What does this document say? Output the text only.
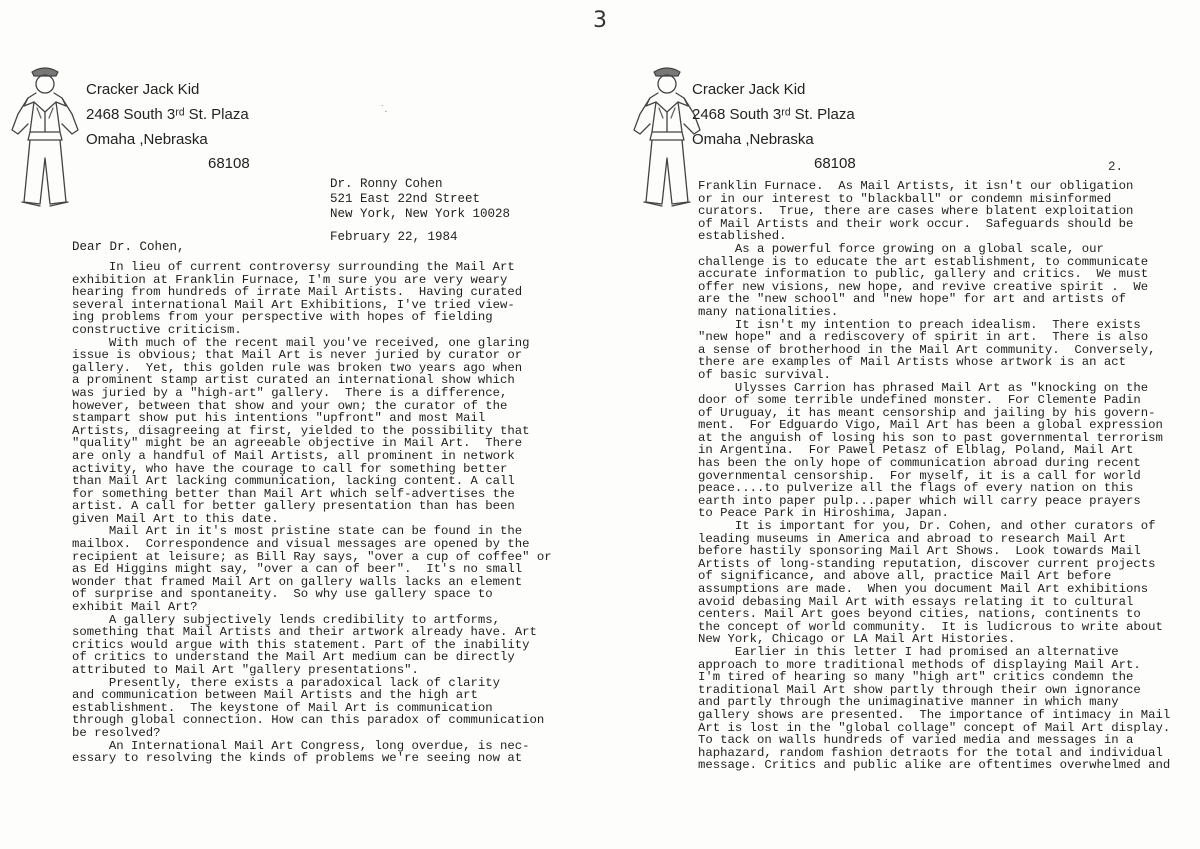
3
Cracker Jack Kid
2468 South 3ʳᵈ St. Plaza
Omaha ,Nebraska
68108
˙.
Dr. Ronny Cohen
521 East 22nd Street
New York, New York 10028
February 22, 1984
Dear Dr. Cohen,
In lieu of current controversy surrounding the Mail Art
exhibition at Franklin Furnace, I'm sure you are very weary
hearing from hundreds of irrate Mail Artists.  Having curated
several international Mail Art Exhibitions, I've tried view-
ing problems from your perspective with hopes of fielding
constructive criticism.
With much of the recent mail you've received, one glaring
issue is obvious; that Mail Art is never juried by curator or
gallery.  Yet, this golden rule was broken two years ago when
a prominent stamp artist curated an international show which
was juried by a "high-art" gallery.  There is a difference,
however, between that show and your own; the curator of the
stampart show put his intentions "upfront" and most Mail
Artists, disagreeing at first, yielded to the possibility that
"quality" might be an agreeable objective in Mail Art.  There
are only a handful of Mail Artists, all prominent in network
activity, who have the courage to call for something better
than Mail Art lacking communication, lacking content. A call
for something better than Mail Art which self-advertises the
artist. A call for better gallery presentation than has been
given Mail Art to this date.
Mail Art in it's most pristine state can be found in the
mailbox.  Correspondence and visual messages are opened by the
recipient at leisure; as Bill Ray says, "over a cup of coffee" or
as Ed Higgins might say, "over a can of beer".  It's no small
wonder that framed Mail Art on gallery walls lacks an element
of surprise and spontaneity.  So why use gallery space to
exhibit Mail Art?
A gallery subjectively lends credibility to artforms,
something that Mail Artists and their artwork already have. Art
critics would argue with this statement. Part of the inability
of critics to understand the Mail Art medium can be directly
attributed to Mail Art "gallery presentations".
Presently, there exists a paradoxical lack of clarity
and communication between Mail Artists and the high art
establishment.  The keystone of Mail Art is communication
through global connection. How can this paradox of communication
be resolved?
An International Mail Art Congress, long overdue, is nec-
essary to resolving the kinds of problems we're seeing now at
Cracker Jack Kid
2468 South 3ʳᵈ St. Plaza
Omaha ,Nebraska
68108	2.
Franklin Furnace.  As Mail Artists, it isn't our obligation
or in our interest to "blackball" or condemn misinformed
curators.  True, there are cases where blatent exploitation
of Mail Artists and their work occur.  Safeguards should be
established.
As a powerful force growing on a global scale, our
challenge is to educate the art establishment, to communicate
accurate information to public, gallery and critics.  We must
offer new visions, new hope, and revive creative spirit .  We
are the "new school" and "new hope" for art and artists of
many nationalities.
It isn't my intention to preach idealism.  There exists
"new hope" and a rediscovery of spirit in art.  There is also
a sense of brotherhood in the Mail Art community.  Conversely,
there are examples of Mail Artists whose artwork is an act
of basic survival.
Ulysses Carrion has phrased Mail Art as "knocking on the
door of some terrible undefined monster.  For Clemente Padin
of Uruguay, it has meant censorship and jailing by his govern-
ment.  For Edguardo Vigo, Mail Art has been a global expression
at the anguish of losing his son to past governmental terrorism
in Argentina.  For Pawel Petasz of Elblag, Poland, Mail Art
has been the only hope of communication abroad during recent
governmental censorship.  For myself, it is a call for world
peace....to pulverize all the flags of every nation on this
earth into paper pulp...paper which will carry peace prayers
to Peace Park in Hiroshima, Japan.
It is important for you, Dr. Cohen, and other curators of
leading museums in America and abroad to research Mail Art
before hastily sponsoring Mail Art Shows.  Look towards Mail
Artists of long-standing reputation, discover current projects
of significance, and above all, practice Mail Art before
assumptions are made.  When you document Mail Art exhibitions
avoid debasing Mail Art with essays relating it to cultural
centers. Mail Art goes beyond cities, nations, continents to
the concept of world community.  It is ludicrous to write about
New York, Chicago or LA Mail Art Histories.
Earlier in this letter I had promised an alternative
approach to more traditional methods of displaying Mail Art.
I'm tired of hearing so many "high art" critics condemn the
traditional Mail Art show partly through their own ignorance
and partly through the unimaginative manner in which many
gallery shows are presented.  The importance of intimacy in Mail
Art is lost in the "global collage" concept of Mail Art display.
To tack on walls hundreds of varied media and messages in a
haphazard, random fashion detraots for the total and individual
message. Critics and public alike are oftentimes overwhelmed and
